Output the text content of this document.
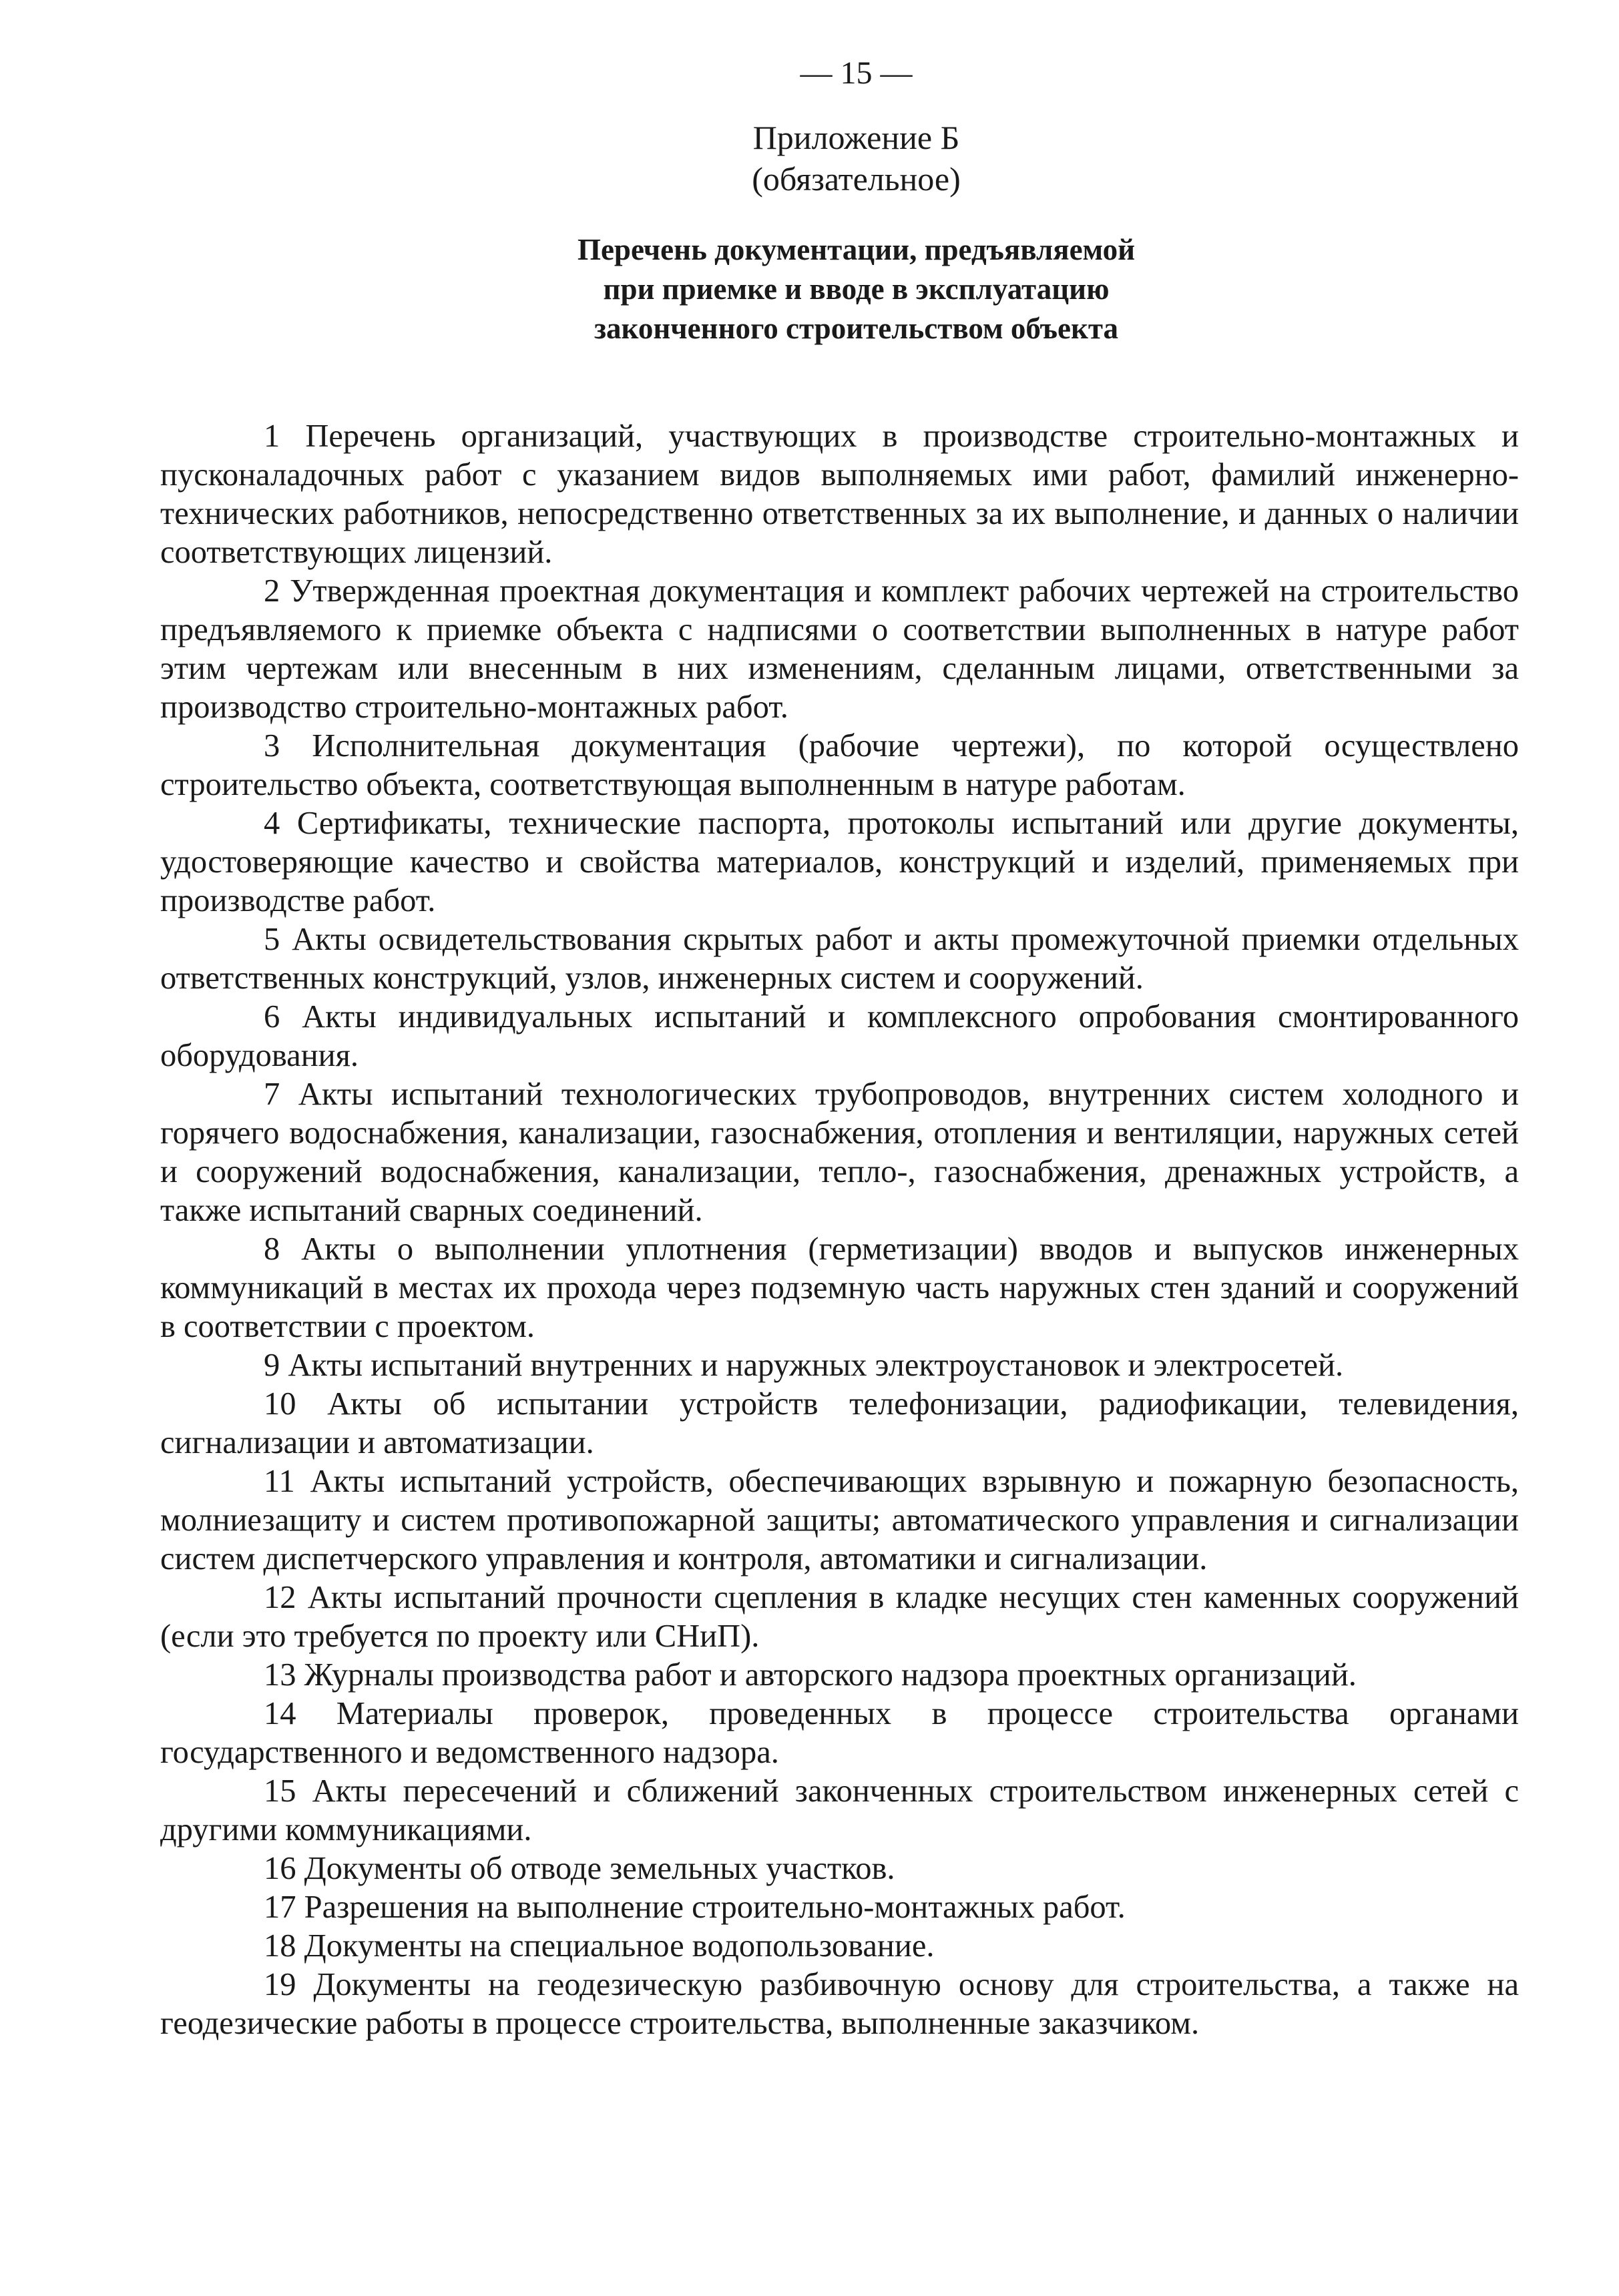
— 15 —
Приложение Б
(обязательное)
Перечень документации, предъявляемой
при приемке и вводе в эксплуатацию
законченного строительством объекта

1 Перечень организаций, участвующих в производстве строительно-монтажных и пусконаладочных работ с указанием видов выполняемых ими работ, фамилий инженерно-технических работников, непосредственно ответственных за их выполнение, и данных о наличии соответствующих лицензий.

2 Утвержденная проектная документация и комплект рабочих чертежей на строительство предъявляемого к приемке объекта с надписями о соответствии выполненных в натуре работ этим чертежам или внесенным в них изменениям, сделанным лицами, ответственными за производство строительно-монтажных работ.

3 Исполнительная документация (рабочие чертежи), по которой осуществлено строительство объекта, соответствующая выполненным в натуре работам.

4 Сертификаты, технические паспорта, протоколы испытаний или другие документы, удостоверяющие качество и свойства материалов, конструкций и изделий, применяемых при производстве работ.

5 Акты освидетельствования скрытых работ и акты промежуточной приемки отдельных ответственных конструкций, узлов, инженерных систем и сооружений.

6 Акты индивидуальных испытаний и комплексного опробования смонтированного оборудования.

7 Акты испытаний технологических трубопроводов, внутренних систем холодного и горячего водоснабжения, канализации, газоснабжения, отопления и вентиляции, наружных сетей и сооружений водоснабжения, канализации, тепло-, газоснабжения, дренажных устройств, а также испытаний сварных соединений.

8 Акты о выполнении уплотнения (герметизации) вводов и выпусков инженерных коммуникаций в местах их прохода через подземную часть наружных стен зданий и сооружений в соответствии с проектом.

9 Акты испытаний внутренних и наружных электроустановок и электросетей.

10 Акты об испытании устройств телефонизации, радиофикации, телевидения, сигнализации и автоматизации.

11 Акты испытаний устройств, обеспечивающих взрывную и пожарную безопасность, молниезащиту и систем противопожарной защиты; автоматического управления и сигнализации систем диспетчерского управления и контроля, автоматики и сигнализации.

12 Акты испытаний прочности сцепления в кладке несущих стен каменных сооружений (если это требуется по проекту или СНиП).

13 Журналы производства работ и авторского надзора проектных организаций.

14 Материалы проверок, проведенных в процессе строительства органами государственного и ведомственного надзора.

15 Акты пересечений и сближений законченных строительством инженерных сетей с другими коммуникациями.

16 Документы об отводе земельных участков.

17 Разрешения на выполнение строительно-монтажных работ.

18 Документы на специальное водопользование.

19 Документы на геодезическую разбивочную основу для строительства, а также на геодезические работы в процессе строительства, выполненные заказчиком.
